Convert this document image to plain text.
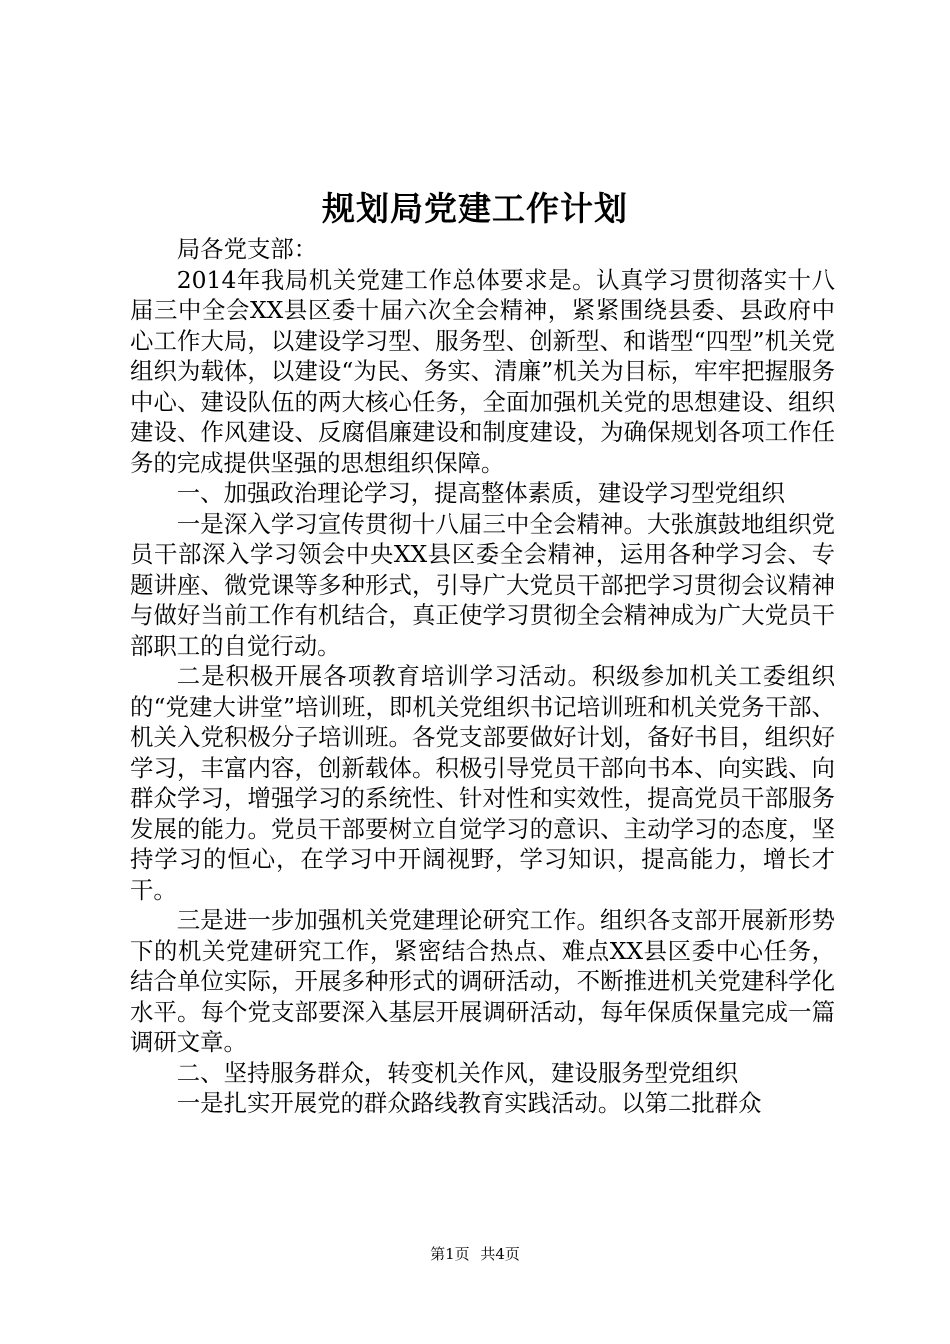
规划局党建工作计划

局各党支部：

2014年我局机关党建工作总体要求是。认真学习贯彻落实十八届三中全会XX县区委十届六次全会精神，紧紧围绕县委、县政府中心工作大局，以建设学习型、服务型、创新型、和谐型“四型”机关党组织为载体，以建设“为民、务实、清廉”机关为目标，牢牢把握服务中心、建设队伍的两大核心任务，全面加强机关党的思想建设、组织建设、作风建设、反腐倡廉建设和制度建设，为确保规划各项工作任务的完成提供坚强的思想组织保障。

一、加强政治理论学习，提高整体素质，建设学习型党组织

一是深入学习宣传贯彻十八届三中全会精神。大张旗鼓地组织党员干部深入学习领会中央XX县区委全会精神，运用各种学习会、专题讲座、微党课等多种形式，引导广大党员干部把学习贯彻会议精神与做好当前工作有机结合，真正使学习贯彻全会精神成为广大党员干部职工的自觉行动。

二是积极开展各项教育培训学习活动。积级参加机关工委组织的“党建大讲堂”培训班，即机关党组织书记培训班和机关党务干部、机关入党积极分子培训班。各党支部要做好计划，备好书目，组织好学习，丰富内容，创新载体。积极引导党员干部向书本、向实践、向群众学习，增强学习的系统性、针对性和实效性，提高党员干部服务发展的能力。党员干部要树立自觉学习的意识、主动学习的态度，坚持学习的恒心，在学习中开阔视野，学习知识，提高能力，增长才干。

三是进一步加强机关党建理论研究工作。组织各支部开展新形势下的机关党建研究工作，紧密结合热点、难点XX县区委中心任务，结合单位实际，开展多种形式的调研活动，不断推进机关党建科学化水平。每个党支部要深入基层开展调研活动，每年保质保量完成一篇调研文章。

二、坚持服务群众，转变机关作风，建设服务型党组织

一是扎实开展党的群众路线教育实践活动。以第二批群众

第1页 共4页
